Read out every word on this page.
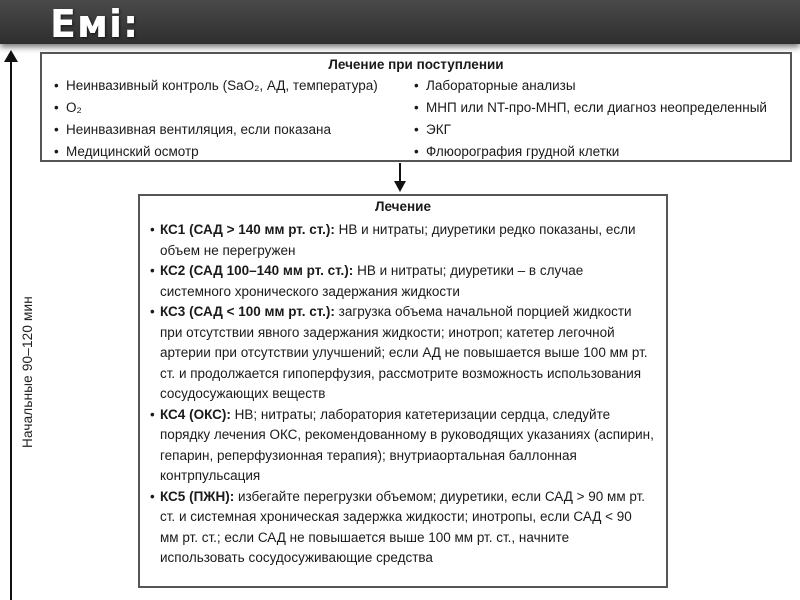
Емі:
Начальные 90–120 мин
Лечение при поступлении
• Неинвазивный контроль (SaO₂, АД, температура)
• O₂
• Неинвазивная вентиляция, если показана
• Медицинский осмотр
• Лабораторные анализы
• МНП или NT-про-МНП, если диагноз неопределенный
• ЭКГ
• Флюорография грудной клетки
Лечение
• КС1 (САД > 140 мм рт. ст.): НВ и нитраты; диуретики редко показаны, если объем не перегружен
• КС2 (САД 100–140 мм рт. ст.): НВ и нитраты; диуретики – в случае системного хронического задержания жидкости
• КС3 (САД < 100 мм рт. ст.): загрузка объема начальной порцией жидкости при отсутствии явного задержания жидкости; инотроп; катетер легочной артерии при отсутствии улучшений; если АД не повышается выше 100 мм рт. ст. и продолжается гипоперфузия, рассмотрите возможность использования сосудосужающих веществ
• КС4 (ОКС): НВ; нитраты; лаборатория катетеризации сердца, следуйте порядку лечения ОКС, рекомендованному в руководящих указаниях (аспирин, гепарин, реперфузионная терапия); внутриаортальная баллонная контрпульсация
• КС5 (ПЖН): избегайте перегрузки объемом; диуретики, если САД > 90 мм рт. ст. и системная хроническая задержка жидкости; инотропы, если САД < 90 мм рт. ст.; если САД не повышается выше 100 мм рт. ст., начните использовать сосудосуживающие средства
